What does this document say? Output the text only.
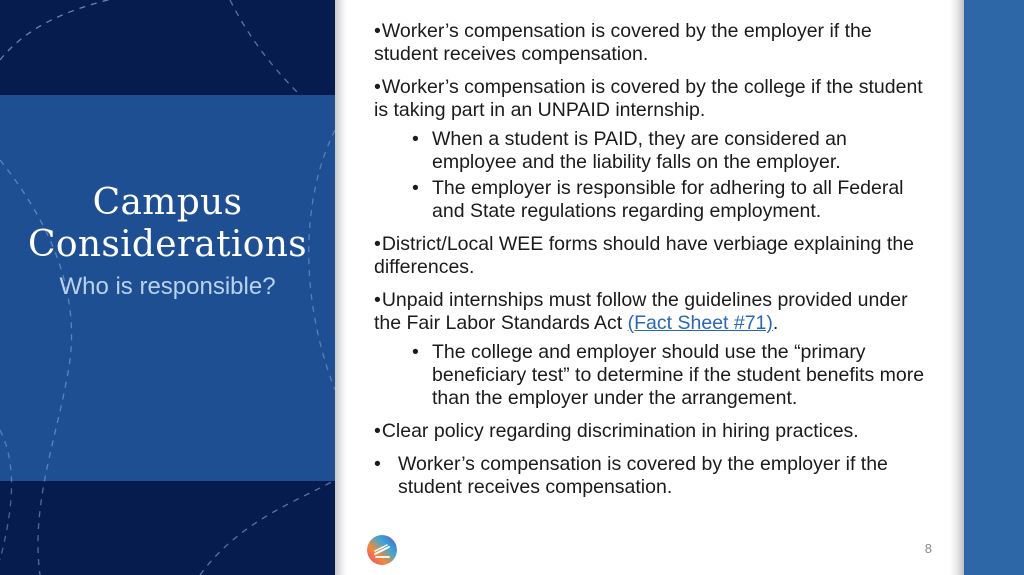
Campus
Considerations
Who is responsible?

•Worker’s compensation is covered by the employer if the student receives compensation.

•Worker’s compensation is covered by the college if the student is taking part in an UNPAID internship.

• When a student is PAID, they are considered an employee and the liability falls on the employer.
• The employer is responsible for adhering to all Federal and State regulations regarding employment.

•District/Local WEE forms should have verbiage explaining the differences.

•Unpaid internships must follow the guidelines provided under the Fair Labor Standards Act (Fact Sheet #71).

• The college and employer should use the “primary beneficiary test” to determine if the student benefits more than the employer under the arrangement.

•Clear policy regarding discrimination in hiring practices.

• Worker’s compensation is covered by the employer if the student receives compensation.
8
